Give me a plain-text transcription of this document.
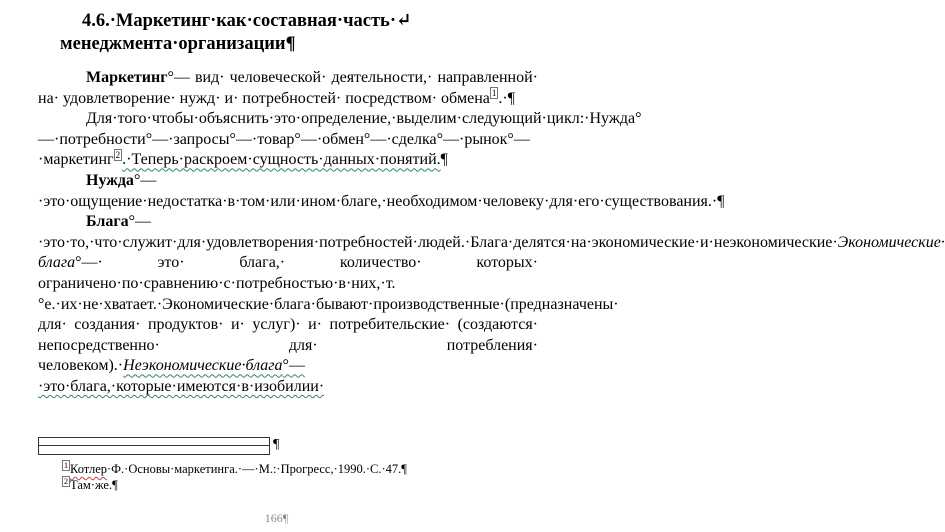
4.6.·Маркетинг·как·составная·часть·↵
менеджмента·организации¶

Маркетинг°— вид· человеческой· деятельности,· направленной· на· удовлетворение· нужд· и· потребностей· посредством· обмена $^1$ .·¶

Для·того·чтобы·объяснить·это·определение,·выделим·следующий·цикл:·Нужда°—·потребности°—·запросы°—·товар°—·обмен°—·сделка°—·рынок°—·маркетинг $^2$ .·Теперь·раскроем·сущность·данных·понятий.¶

Нужда°—·это·ощущение·недостатка·в·том·или·ином·благе,·необходимом·человеку·для·его·существования.·¶

Блага°—·это·то,·что·служит·для·удовлетворения·потребностей·людей.·Блага·делятся·на·экономические·и·неэкономические·Экономические· блага°—· это· блага,· количество· которых· ограничено·по·сравнению·с·потребностью·в·них,·т.°е.·их·не·хватает.·Экономические·блага·бывают·производственные·(предназначены· для· создания· продуктов· и· услуг)· и· потребительские· (создаются· непосредственно· для· потребления· человеком).·Неэкономические·блага°—·это·блага,·которые·имеются·в·изобилии·

¶
$^1$ Котлер·Ф.·Основы·маркетинга.·—·М.:·Прогресс,·1990.·С.·47.¶
$^2$ Там·же.¶
166¶
